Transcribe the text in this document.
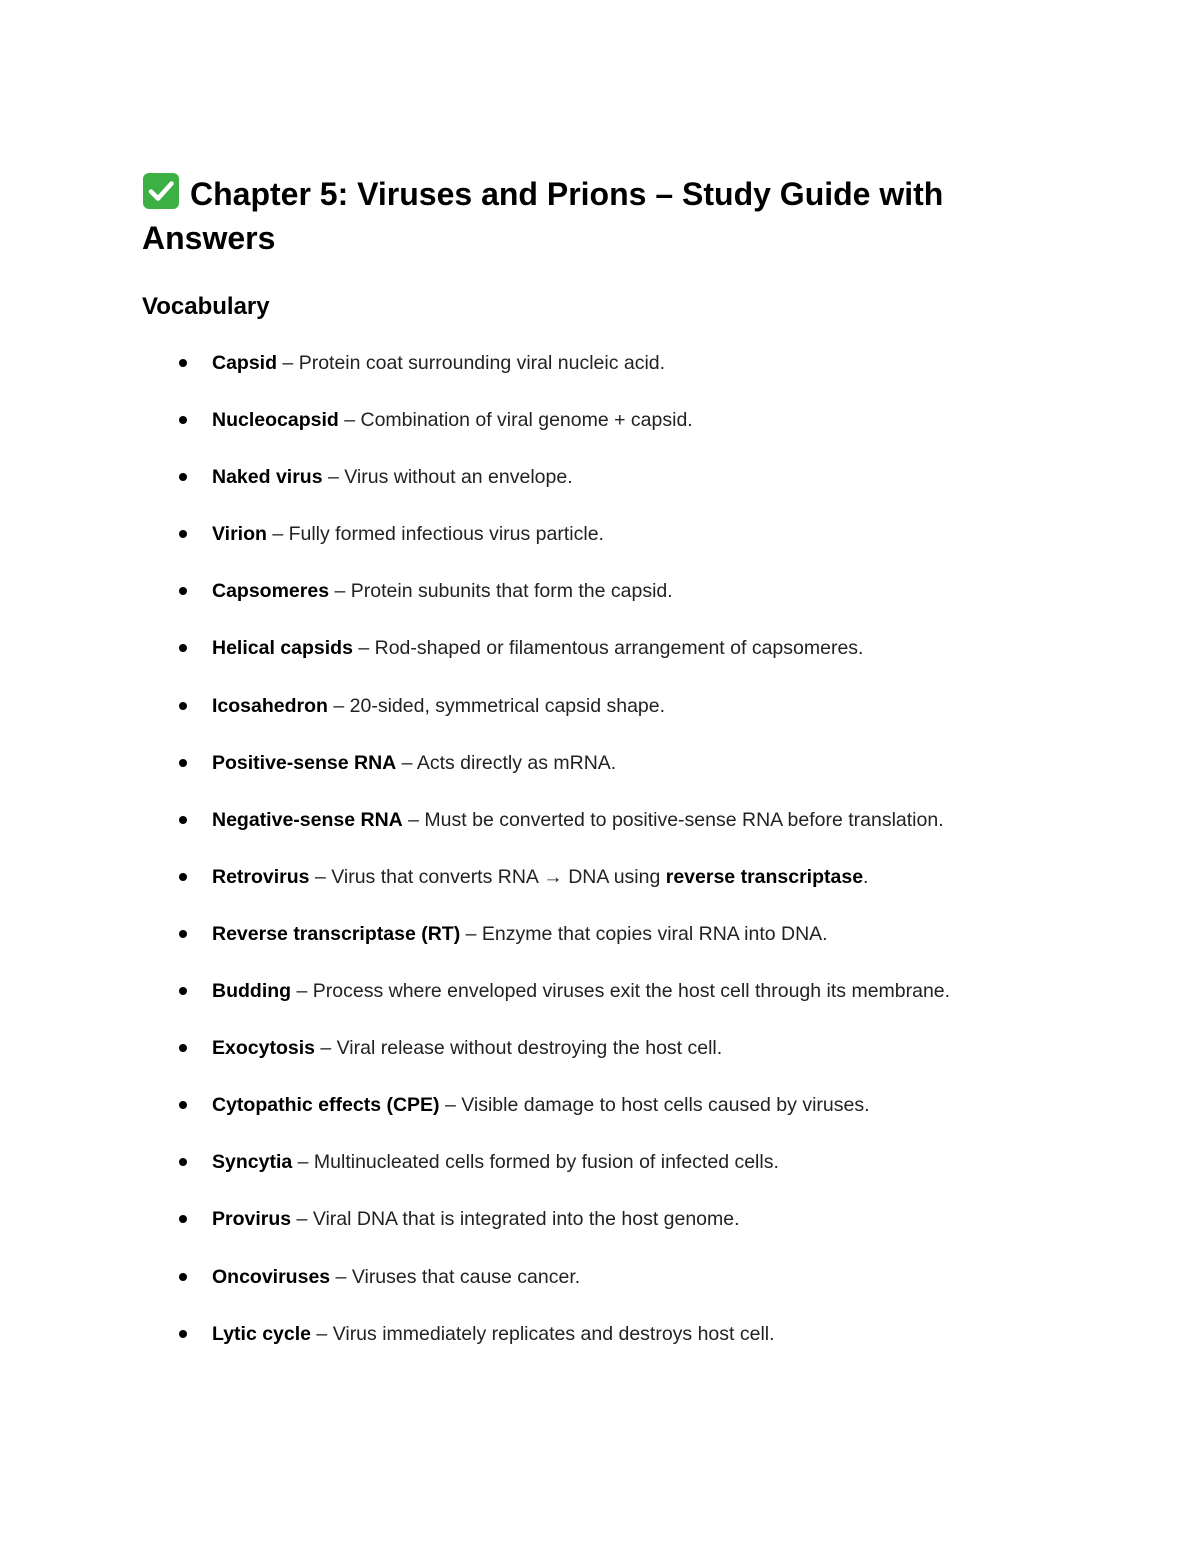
Chapter 5: Viruses and Prions – Study Guide with Answers
Vocabulary
Capsid – Protein coat surrounding viral nucleic acid.
Nucleocapsid – Combination of viral genome + capsid.
Naked virus – Virus without an envelope.
Virion – Fully formed infectious virus particle.
Capsomeres – Protein subunits that form the capsid.
Helical capsids – Rod-shaped or filamentous arrangement of capsomeres.
Icosahedron – 20-sided, symmetrical capsid shape.
Positive-sense RNA – Acts directly as mRNA.
Negative-sense RNA – Must be converted to positive-sense RNA before translation.
Retrovirus – Virus that converts RNA → DNA using reverse transcriptase.
Reverse transcriptase (RT) – Enzyme that copies viral RNA into DNA.
Budding – Process where enveloped viruses exit the host cell through its membrane.
Exocytosis – Viral release without destroying the host cell.
Cytopathic effects (CPE) – Visible damage to host cells caused by viruses.
Syncytia – Multinucleated cells formed by fusion of infected cells.
Provirus – Viral DNA that is integrated into the host genome.
Oncoviruses – Viruses that cause cancer.
Lytic cycle – Virus immediately replicates and destroys host cell.
